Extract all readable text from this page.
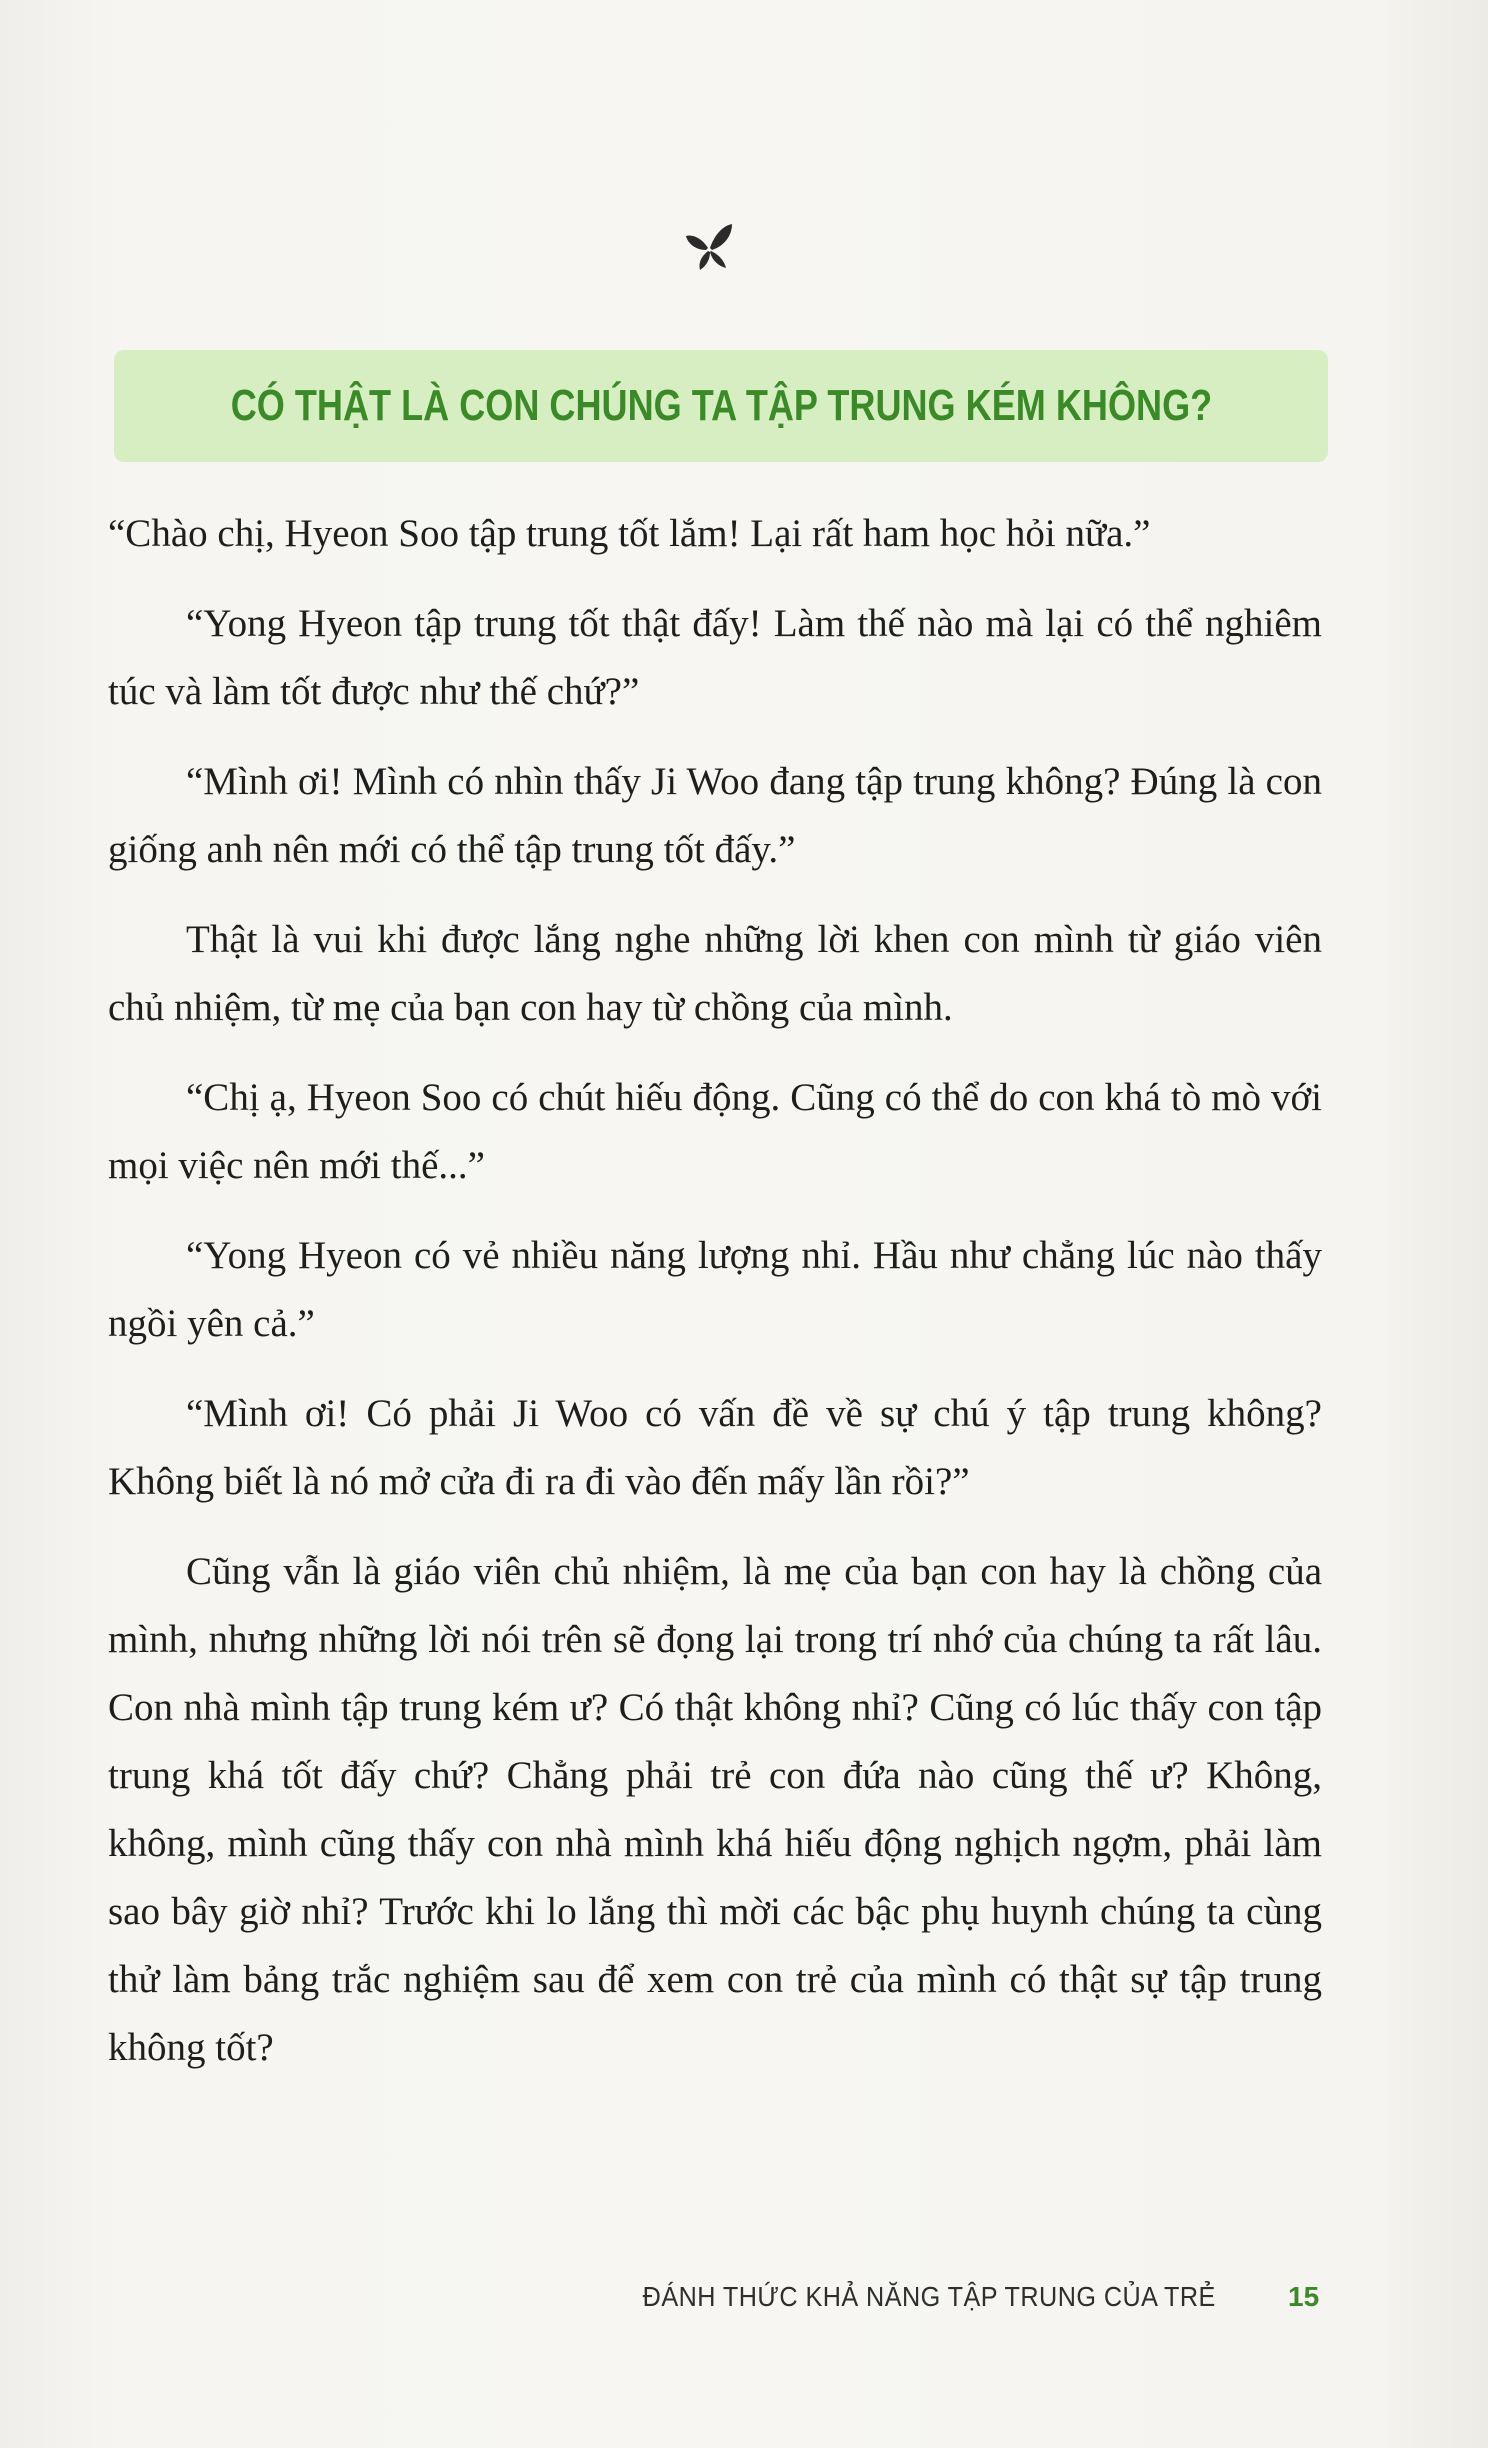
CÓ THẬT LÀ CON CHÚNG TA TẬP TRUNG KÉM KHÔNG?

“Chào chị, Hyeon Soo tập trung tốt lắm! Lại rất ham học hỏi nữa.”

“Yong Hyeon tập trung tốt thật đấy! Làm thế nào mà lại có thể nghiêm túc và làm tốt được như thế chứ?”

“Mình ơi! Mình có nhìn thấy Ji Woo đang tập trung không? Đúng là con giống anh nên mới có thể tập trung tốt đấy.”

Thật là vui khi được lắng nghe những lời khen con mình từ giáo viên chủ nhiệm, từ mẹ của bạn con hay từ chồng của mình.

“Chị ạ, Hyeon Soo có chút hiếu động. Cũng có thể do con khá tò mò với mọi việc nên mới thế...”

“Yong Hyeon có vẻ nhiều năng lượng nhỉ. Hầu như chẳng lúc nào thấy ngồi yên cả.”

“Mình ơi! Có phải Ji Woo có vấn đề về sự chú ý tập trung không? Không biết là nó mở cửa đi ra đi vào đến mấy lần rồi?”

Cũng vẫn là giáo viên chủ nhiệm, là mẹ của bạn con hay là chồng của mình, nhưng những lời nói trên sẽ đọng lại trong trí nhớ của chúng ta rất lâu. Con nhà mình tập trung kém ư? Có thật không nhỉ? Cũng có lúc thấy con tập trung khá tốt đấy chứ? Chẳng phải trẻ con đứa nào cũng thế ư? Không, không, mình cũng thấy con nhà mình khá hiếu động nghịch ngợm, phải làm sao bây giờ nhỉ? Trước khi lo lắng thì mời các bậc phụ huynh chúng ta cùng thử làm bảng trắc nghiệm sau để xem con trẻ của mình có thật sự tập trung không tốt?

ĐÁNH THỨC KHẢ NĂNG TẬP TRUNG CỦA TRẺ	15
